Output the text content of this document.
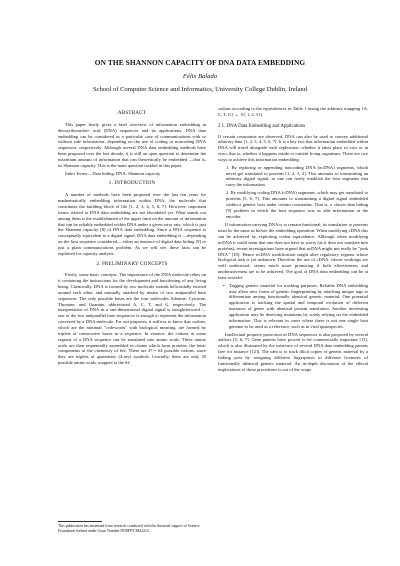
ON THE SHANNON CAPACITY OF DNA DATA EMBEDDING
Félix Balado
School of Computer Science and Informatics, University College Dublin, Ireland
ABSTRACT

This paper firstly gives a brief overview of information embedding in deoxyribonucleic acid (DNA) sequences and its applications. DNA data embedding can be considered as a particular case of communications with or without side information, depending on the use of coding or noncoding DNA sequences, respectively. Although several DNA data embedding methods have been proposed over the last decade, it is still an open question to determine the maximum amount of information that can theoretically be embedded —that is, its Shannon capacity. This is the main question tackled in this paper.

Index Terms— Data hiding, DNA, Shannon capacity

1. INTRODUCTION

A number of methods have been proposed over the last ten years for mathematically embedding information within DNA, the molecule that constitutes the building block of life [1, 2, 3, 4, 5, 6, 7]. However, important issues related to DNA data embedding are not elucidated yet. What stands out among them is the establishment of the upper limit on the amount of information that can be reliably embedded within DNA under a given error rate, which is just the Shannon capacity [8] of DNA data embedding. Since a DNA sequence is conceptually equivalent to a digital signal, DNA data embedding is —depending on the host sequence considered— either an instance of digital data hiding [9] or just a plain communications problem. As we will see, these facts can be exploited for capacity analysis.

2. PRELIMINARY CONCEPTS

Firstly, some basic concepts. The importance of the DNA molecule relies on it containing the instructions for the development and functioning of any living being. Chemically, DNA is formed by two molecule strands helicoidally twisted around each other, and mutually attached by means of two antiparallel base sequences. The only possible bases are the four molecules Adenine, Cytosine, Thymine, and Guanine, abbreviated A, C, T, and G, respectively. The interpretation of DNA as a one-dimensional digital signal is straightforward —one of the two antiparallel base sequences is enough to represent the information conveyed by a DNA molecule. For our purposes, it suffices to know that codons, which are the minimal "codewords" with biological meaning, are formed by triplets of consecutive bases in a sequence. In essence, the codons in some regions of a DNA sequence can be translated into amino acids. These amino acids are then sequentially assembled in chains which form proteins, the basic components of the chemistry of life. There are 4³ = 64 possible codons, since they are triplets of quaternary (4-ary) symbols. Crucially, there are only 20 possible amino acids, mapped to the 64

This publication has emanated from research conducted with the financial support of Science Foundation Ireland under Grant Number 09/RFP/CMS2212.

codons according to the equivalences in Table 1 (using the arbitrary mapping {A, C, T, G} ↔ {0, 1, 2, 3}).

2.1. DNA Data Embedding and Applications

If certain constraints are observed, DNA can also be used to convey additional arbitrary data [1, 2, 3, 4, 5, 6, 7]. It is a key fact that information embedded within DNA will travel alongside each replication, whether it takes place in vivo or in vitro, that is, whether it happens inside or outside living organisms. There are two ways to achieve this information embedding:

1. By replacing or appending noncoding DNA (ncDNA) segments, which never get translated to proteins [1, 2, 3, 4]. This amounts to transmitting an arbitrary digital signal, as one can freely establish the host segments that carry the information.
2. By modifying coding DNA (cDNA) segments, which may get translated to proteins [5, 6, 7]. This amounts to transmitting a digital signal embedded within a genetic host under certain constraints. That is, a classic data hiding [9] problem in which the host sequence acts as side information at the encoder.

If information-carrying DNA is to remain functional, its translation to proteins must be the same as before the embedding operation. When modifying cDNA this can be achieved by exploiting codon equivalence. Although when modifying ncDNA it could seem that one does not have to worry (as it does not translate into proteins), recent investigations have argued that ncDNA might not really be "junk DNA" [10]. Hence ncDNA modification might alter regulatory regions whose biological task is yet unknown. Therefore the use of cDNA, whose workings are well understood, seems much more promising if both effectiveness and unobtrusiveness are to be achieved. The goal of DNA data embedding can be at least twofold:

• Tagging genetic material for tracking purposes. Reliable DNA embedding may allow new forms of genetic fingerprinting by attaching unique tags to differentiate among functionally identical genetic material. One potential application is tracking the spatial and temporal evolution of different instances of genes with identical protein translation. Another interesting application may be detecting mutations by solely relying on the embedded information. This is relevant in cases where there is not one single host genome to be used as a reference, such as in viral quasispecies.

Intellectual property protection of DNA sequences is also proposed by several authors [5, 6, 7]. Gene patents have proved to be commercially important [11], which is also illustrated by the existence of several DNA data embedding patents (see for instance [12]). The idea is to track illicit copies of genetic material by a linking post by assigning different fingerprints to different licensees of functionally identical genetic material. An in-depth discussion of the ethical implications of these procedures is out of the scope
